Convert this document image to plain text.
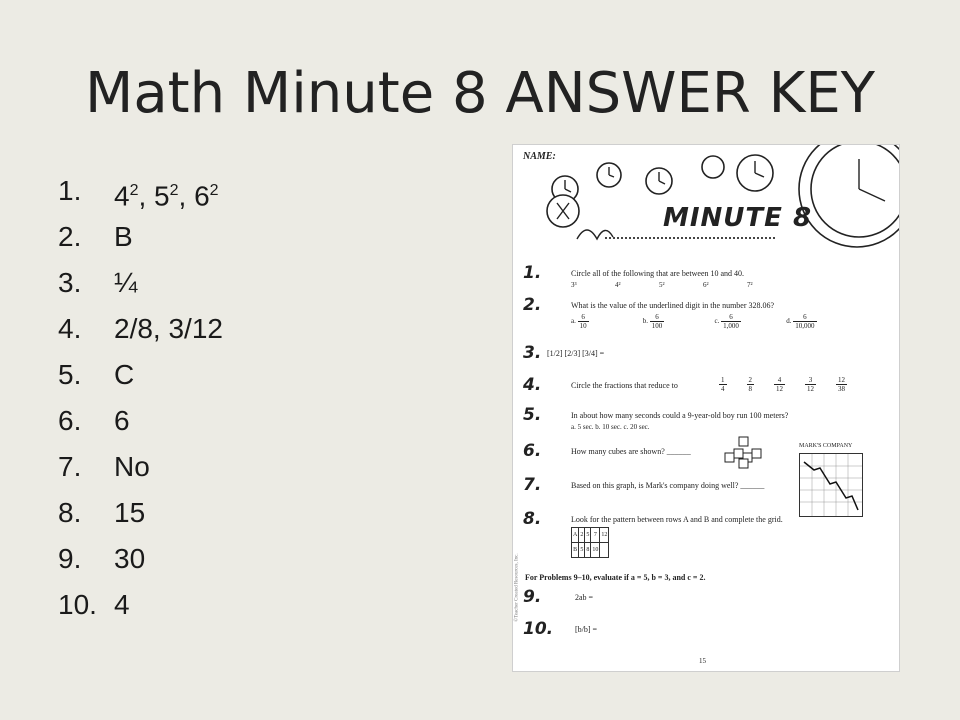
Math Minute 8 ANSWER KEY
1.	$4^2$, $5^2$, $6^2$
2.	B
3.	¼
4.	2/8, 3/12
5.	C
6.	6
7.	No
8.	15
9.	30
10. 4
NAME:
MINUTE 8
1.	Circle all of the following that are between 10 and 40.
3³	4²	5²	6²	7²
2.	What is the value of the underlined digit in the number 328.06?
a. $\frac{6}{10}$	b. $\frac{6}{100}$	c. $\frac{6}{1,000}$	d. $\frac{6}{10,000}$
3. [1/2] [2/3] [3/4] =
4.	Circle the fractions that reduce to	$\frac{1}{4}$
	$\frac{2}{8}$
	$\frac{4}{12}$
	$\frac{3}{12}$
	$\frac{12}{38}$
5.	In about how many seconds could a 9-year-old boy run 100 meters?
a. 5 sec. b. 10 sec. c. 20 sec.
6.	How many cubes are shown? ______
7.	Based on this graph, is Mark's company doing well? ______
MARK'S COMPANY
8.	Look for the pattern between rows A and B and complete the grid.
A	2	5	7	12
B	5	8	10	
For Problems 9–10, evaluate if a = 5, b = 3, and c = 2.
9.	2ab =
10.	[b/b] =
©Teacher Created Resources, Inc.
15
